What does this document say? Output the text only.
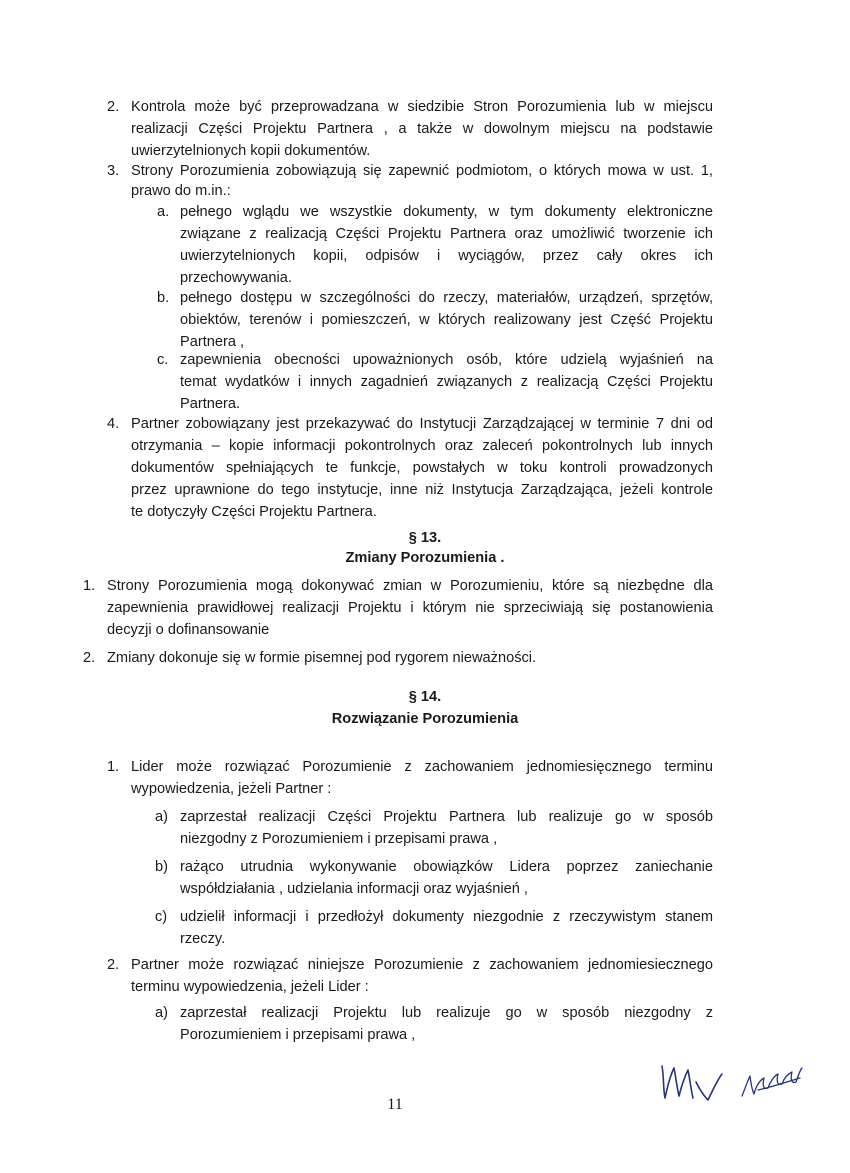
2. Kontrola może być przeprowadzana w siedzibie Stron Porozumienia lub w miejscu
realizacji Części Projektu Partnera , a także w dowolnym miejscu na podstawie
uwierzytelnionych kopii dokumentów.
3. Strony Porozumienia zobowiązują się zapewnić podmiotom, o których mowa w ust. 1,
prawo do m.in.:
a. pełnego wglądu we wszystkie dokumenty, w tym dokumenty elektroniczne
związane z realizacją Części Projektu Partnera oraz umożliwić tworzenie ich
uwierzytelnionych kopii, odpisów i wyciągów, przez cały okres ich
przechowywania.
b. pełnego dostępu w szczególności do rzeczy, materiałów, urządzeń, sprzętów,
obiektów, terenów i pomieszczeń, w których realizowany jest Część Projektu
Partnera ,
c. zapewnienia obecności upoważnionych osób, które udzielą wyjaśnień na
temat wydatków i innych zagadnień związanych z realizacją Części Projektu
Partnera.
4. Partner zobowiązany jest przekazywać do Instytucji Zarządzającej w terminie 7 dni od
otrzymania – kopie informacji pokontrolnych oraz zaleceń pokontrolnych lub innych
dokumentów spełniających te funkcje, powstałych w toku kontroli prowadzonych
przez uprawnione do tego instytucje, inne niż Instytucja Zarządzająca, jeżeli kontrole
te dotyczyły Części Projektu Partnera.
§ 13.
Zmiany Porozumienia .
1. Strony Porozumienia mogą dokonywać zmian w Porozumieniu, które są niezbędne dla
zapewnienia prawidłowej realizacji Projektu i którym nie sprzeciwiają się postanowienia
decyzji o dofinansowanie
2. Zmiany dokonuje się w formie pisemnej pod rygorem nieważności.
§ 14.
Rozwiązanie Porozumienia
1. Lider może rozwiązać Porozumienie z zachowaniem jednomiesięcznego terminu
wypowiedzenia, jeżeli Partner :
a) zaprzestał realizacji Części Projektu Partnera lub realizuje go w sposób
niezgodny z Porozumieniem i przepisami prawa ,
b) rażąco utrudnia wykonywanie obowiązków Lidera poprzez zaniechanie
współdziałania , udzielania informacji oraz wyjaśnień ,
c) udzielił informacji i przedłożył dokumenty niezgodnie z rzeczywistym stanem
rzeczy.
2. Partner może rozwiązać niniejsze Porozumienie z zachowaniem jednomiesiecznego
terminu wypowiedzenia, jeżeli Lider :
a) zaprzestał realizacji Projektu lub realizuje go w sposób niezgodny z
Porozumieniem i przepisami prawa ,
11
